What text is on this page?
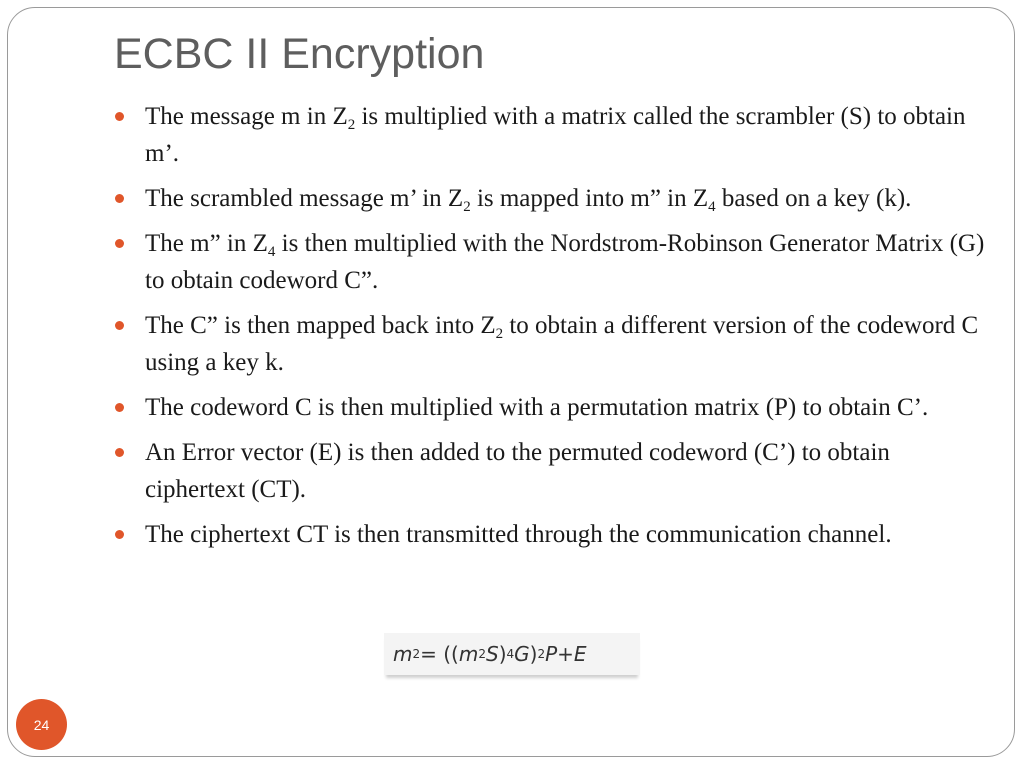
ECBC II Encryption
The message m in $Z_2$ is multiplied with a matrix called the scrambler (S) to obtain m’.
The scrambled message m’ in $Z_2$ is mapped into m” in $Z_4$ based on a key (k).
The m” in $Z_4$ is then multiplied with the Nordstrom-Robinson Generator Matrix (G) to obtain codeword C”.
The C” is then mapped back into $Z_2$ to obtain a different version of the codeword C using a key k.
The codeword C is then multiplied with a permutation matrix (P) to obtain C’.
An Error vector (E) is then added to the permuted codeword (C’) to obtain ciphertext (CT).
The ciphertext CT is then transmitted through the communication channel.
m 2 = (( m 2 S ) 4 G ) 2 P + E
24
